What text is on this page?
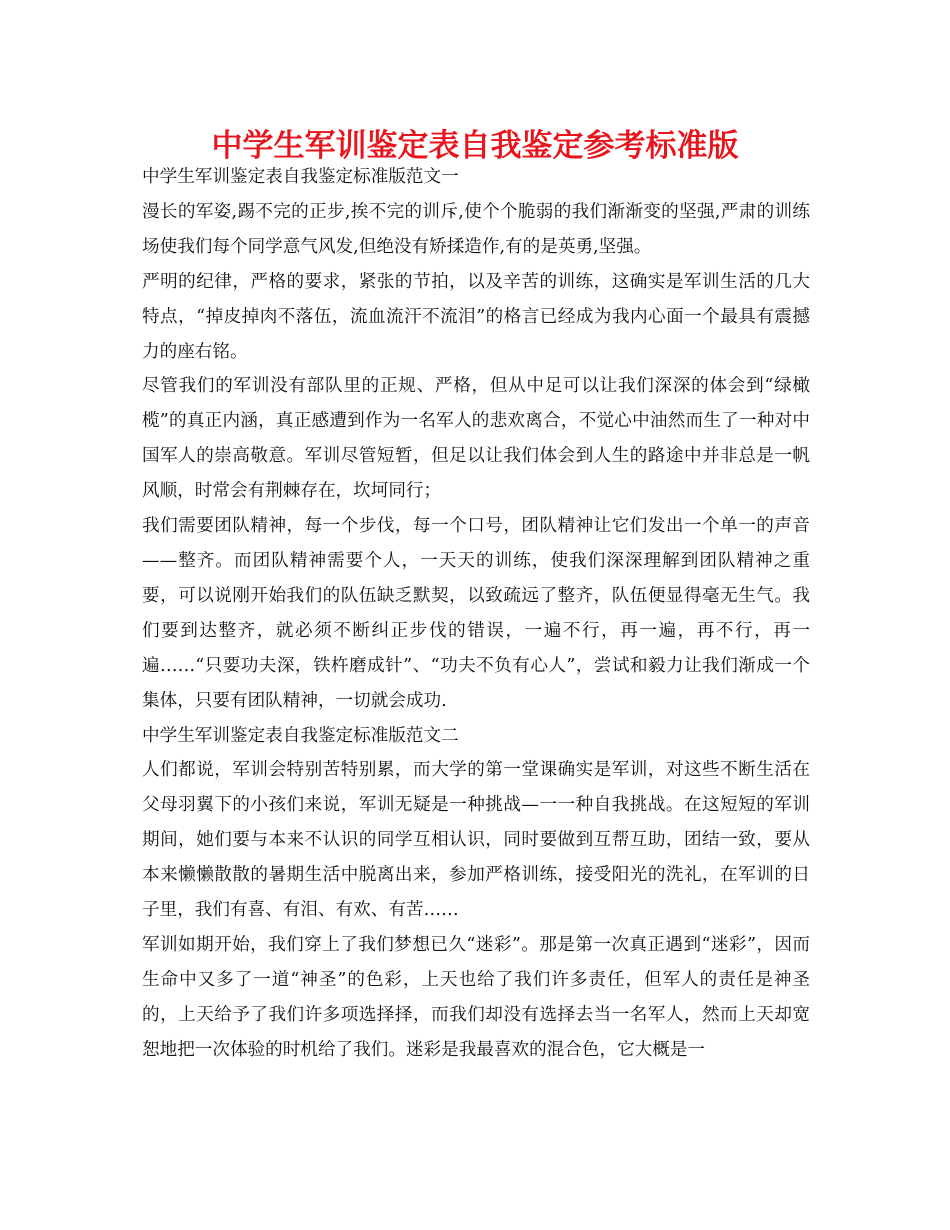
中学生军训鉴定表自我鉴定参考标准版

中学生军训鉴定表自我鉴定标准版范文一

漫长的军姿,踢不完的正步,挨不完的训斥,使个个脆弱的我们渐渐变的坚强,严肃的训练场使我们每个同学意气风发,但绝没有矫揉造作,有的是英勇,坚强。

严明的纪律，严格的要求，紧张的节拍，以及辛苦的训练，这确实是军训生活的几大特点，“掉皮掉肉不落伍，流血流汗不流泪”的格言已经成为我内心面一个最具有震撼力的座右铭。

尽管我们的军训没有部队里的正规、严格，但从中足可以让我们深深的体会到“绿橄榄”的真正内涵，真正感遭到作为一名军人的悲欢离合，不觉心中油然而生了一种对中国军人的崇高敬意。军训尽管短暂，但足以让我们体会到人生的路途中并非总是一帆风顺，时常会有荆棘存在，坎坷同行；

我们需要团队精神，每一个步伐，每一个口号，团队精神让它们发出一个单一的声音——整齐。而团队精神需要个人，一天天的训练，使我们深深理解到团队精神之重要，可以说刚开始我们的队伍缺乏默契，以致疏远了整齐，队伍便显得毫无生气。我们要到达整齐，就必须不断纠正步伐的错误，一遍不行，再一遍，再不行，再一遍……“只要功夫深，铁杵磨成针”、“功夫不负有心人”，尝试和毅力让我们渐成一个集体，只要有团队精神，一切就会成功.

中学生军训鉴定表自我鉴定标准版范文二

人们都说，军训会特别苦特别累，而大学的第一堂课确实是军训，对这些不断生活在父母羽翼下的小孩们来说，军训无疑是一种挑战—一一种自我挑战。在这短短的军训期间，她们要与本来不认识的同学互相认识，同时要做到互帮互助，团结一致，要从本来懒懒散散的暑期生活中脱离出来，参加严格训练，接受阳光的洗礼，在军训的日子里，我们有喜、有泪、有欢、有苦……

军训如期开始，我们穿上了我们梦想已久“迷彩”。那是第一次真正遇到“迷彩”，因而生命中又多了一道“神圣”的色彩，上天也给了我们许多责任，但军人的责任是神圣的，上天给予了我们许多项选择择，而我们却没有选择去当一名军人，然而上天却宽恕地把一次体验的时机给了我们。迷彩是我最喜欢的混合色，它大概是一
